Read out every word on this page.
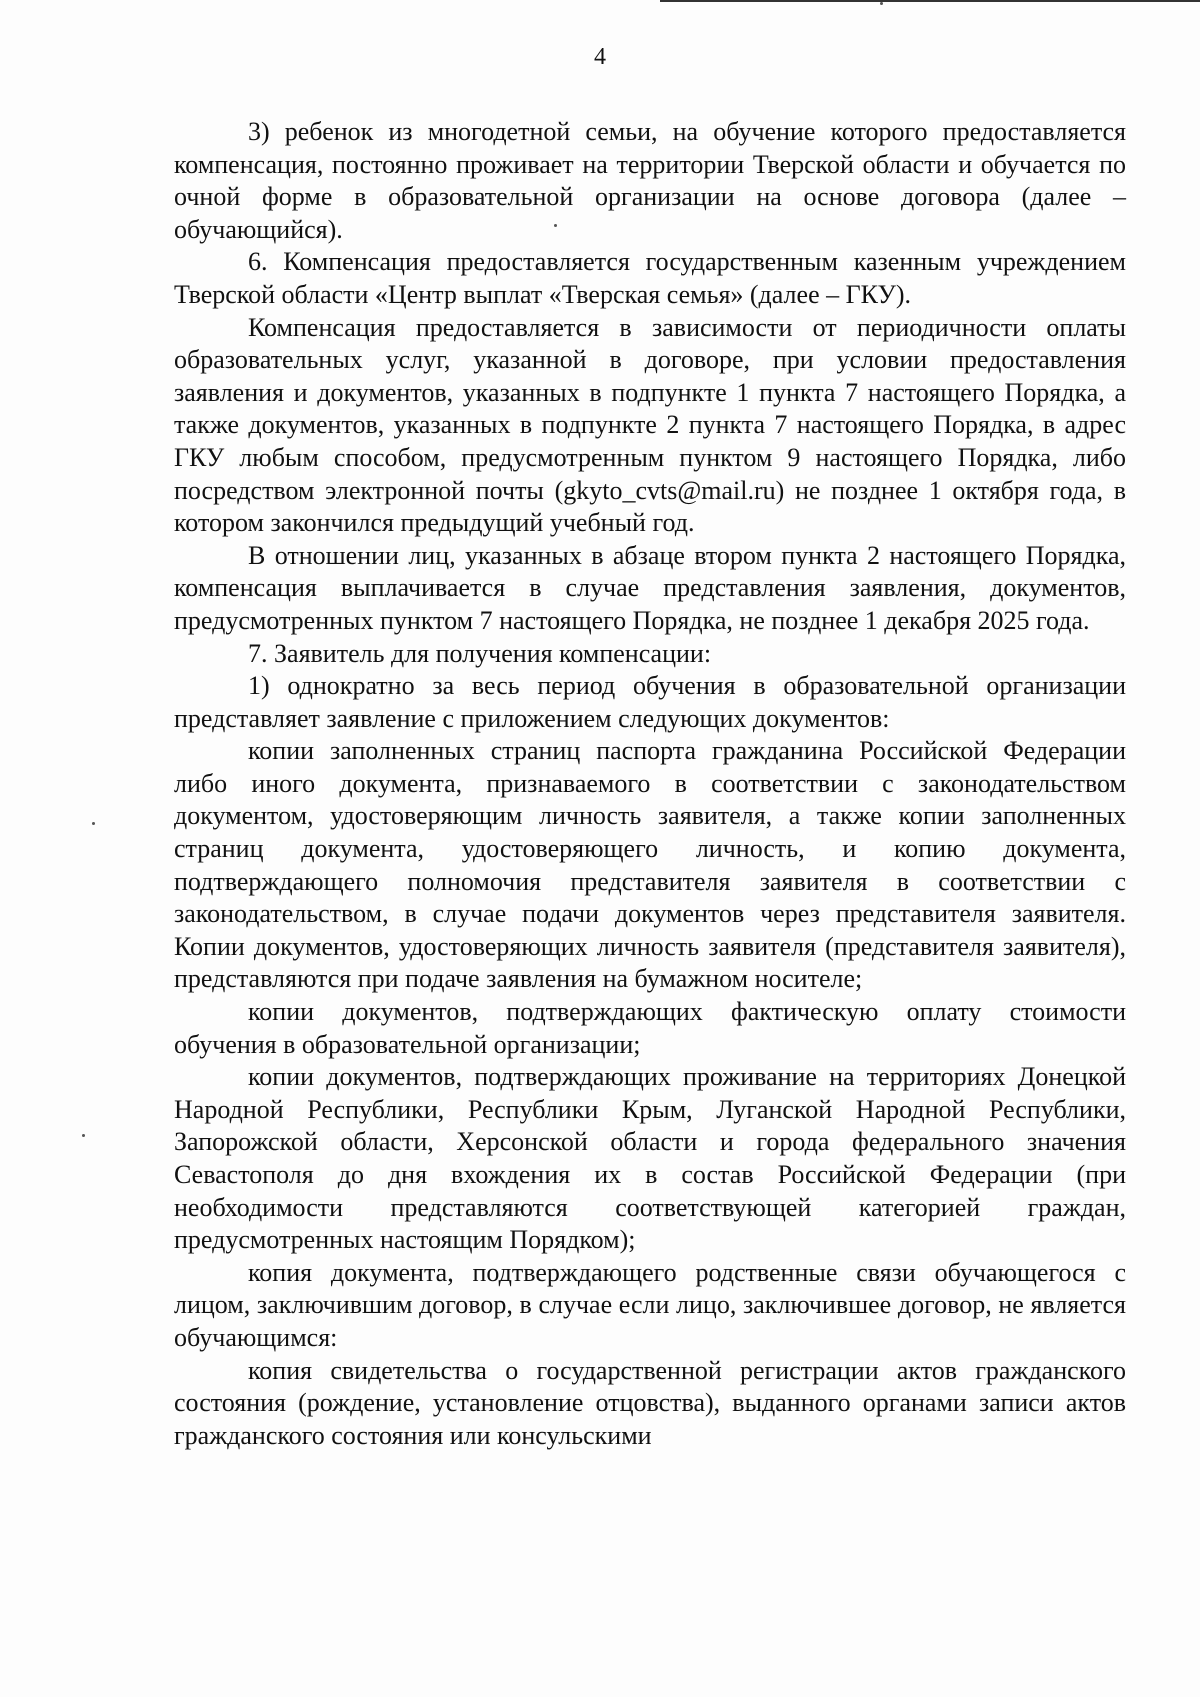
4

3) ребенок из многодетной семьи, на обучение которого предоставляется компенсация, постоянно проживает на территории Тверской области и обучается по очной форме в образовательной организации на основе договора (далее – обучающийся).

6. Компенсация предоставляется государственным казенным учреждением Тверской области «Центр выплат «Тверская семья» (далее – ГКУ).

Компенсация предоставляется в зависимости от периодичности оплаты образовательных услуг, указанной в договоре, при условии предоставления заявления и документов, указанных в подпункте 1 пункта 7 настоящего Порядка, а также документов, указанных в подпункте 2 пункта 7 настоящего Порядка, в адрес ГКУ любым способом, предусмотренным пунктом 9 настоящего Порядка, либо посредством электронной почты (gkyto_cvts@mail.ru) не позднее 1 октября года, в котором закончился предыдущий учебный год.

В отношении лиц, указанных в абзаце втором пункта 2 настоящего Порядка, компенсация выплачивается в случае представления заявления, документов, предусмотренных пунктом 7 настоящего Порядка, не позднее 1 декабря 2025 года.

7. Заявитель для получения компенсации:

1) однократно за весь период обучения в образовательной организации представляет заявление с приложением следующих документов:

копии заполненных страниц паспорта гражданина Российской Федерации либо иного документа, признаваемого в соответствии с законодательством документом, удостоверяющим личность заявителя, а также копии заполненных страниц документа, удостоверяющего личность, и копию документа, подтверждающего полномочия представителя заявителя в соответствии с законодательством, в случае подачи документов через представителя заявителя. Копии документов, удостоверяющих личность заявителя (представителя заявителя), представляются при подаче заявления на бумажном носителе;

копии документов, подтверждающих фактическую оплату стоимости обучения в образовательной организации;

копии документов, подтверждающих проживание на территориях Донецкой Народной Республики, Республики Крым, Луганской Народной Республики, Запорожской области, Херсонской области и города федерального значения Севастополя до дня вхождения их в состав Российской Федерации (при необходимости представляются соответствующей категорией граждан, предусмотренных настоящим Порядком);

копия документа, подтверждающего родственные связи обучающегося с лицом, заключившим договор, в случае если лицо, заключившее договор, не является обучающимся:

копия свидетельства о государственной регистрации актов гражданского состояния (рождение, установление отцовства), выданного органами записи актов гражданского состояния или консульскими
